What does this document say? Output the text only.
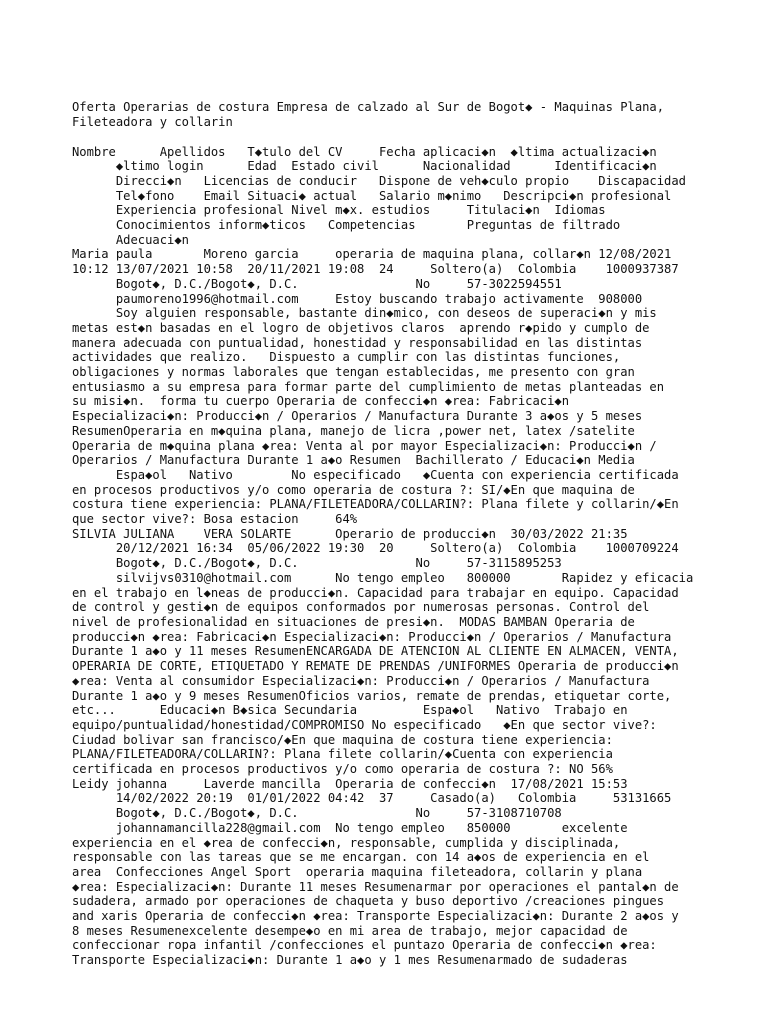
Oferta Operarias de costura Empresa de calzado al Sur de Bogot◆ - Maquinas Plana,
Fileteadora y collarin
Nombre      Apellidos   T◆tulo del CV     Fecha aplicaci◆n  ◆ltima actualizaci◆n
◆ltimo login      Edad  Estado civil      Nacionalidad      Identificaci◆n
Direcci◆n   Licencias de conducir   Dispone de veh◆culo propio    Discapacidad
Tel◆fono    Email Situaci◆ actual   Salario m◆nimo   Descripci◆n profesional
Experiencia profesional Nivel m◆x. estudios     Titulaci◆n  Idiomas
Conocimientos inform◆ticos   Competencias       Preguntas de filtrado
Adecuaci◆n
Maria paula       Moreno garcia     operaria de maquina plana, collar◆n 12/08/2021
10:12 13/07/2021 10:58  20/11/2021 19:08  24     Soltero(a)  Colombia    1000937387
Bogot◆, D.C./Bogot◆, D.C.                No     57-3022594551
paumoreno1996@hotmail.com     Estoy buscando trabajo activamente  908000
Soy alguien responsable, bastante din◆mico, con deseos de superaci◆n y mis
metas est◆n basadas en el logro de objetivos claros  aprendo r◆pido y cumplo de
manera adecuada con puntualidad, honestidad y responsabilidad en las distintas
actividades que realizo.   Dispuesto a cumplir con las distintas funciones,
obligaciones y normas laborales que tengan establecidas, me presento con gran
entusiasmo a su empresa para formar parte del cumplimiento de metas planteadas en
su misi◆n.  forma tu cuerpo Operaria de confecci◆n ◆rea: Fabricaci◆n
Especializaci◆n: Producci◆n / Operarios / Manufactura Durante 3 a◆os y 5 meses
ResumenOperaria en m◆quina plana, manejo de licra ,power net, latex /satelite
Operaria de m◆quina plana ◆rea: Venta al por mayor Especializaci◆n: Producci◆n /
Operarios / Manufactura Durante 1 a◆o Resumen  Bachillerato / Educaci◆n Media
Espa◆ol   Nativo        No especificado   ◆Cuenta con experiencia certificada
en procesos productivos y/o como operaria de costura ?: SI/◆En que maquina de
costura tiene experiencia: PLANA/FILETEADORA/COLLARIN?: Plana filete y collarin/◆En
que sector vive?: Bosa estacion     64%
SILVIA JULIANA    VERA SOLARTE      Operario de producci◆n  30/03/2022 21:35
20/12/2021 16:34  05/06/2022 19:30  20     Soltero(a)  Colombia    1000709224
Bogot◆, D.C./Bogot◆, D.C.                No     57-3115895253
silvijvs0310@hotmail.com      No tengo empleo   800000       Rapidez y eficacia
en el trabajo en l◆neas de producci◆n. Capacidad para trabajar en equipo. Capacidad
de control y gesti◆n de equipos conformados por numerosas personas. Control del
nivel de profesionalidad en situaciones de presi◆n.  MODAS BAMBAN Operaria de
producci◆n ◆rea: Fabricaci◆n Especializaci◆n: Producci◆n / Operarios / Manufactura
Durante 1 a◆o y 11 meses ResumenENCARGADA DE ATENCION AL CLIENTE EN ALMACEN, VENTA,
OPERARIA DE CORTE, ETIQUETADO Y REMATE DE PRENDAS /UNIFORMES Operaria de producci◆n
◆rea: Venta al consumidor Especializaci◆n: Producci◆n / Operarios / Manufactura
Durante 1 a◆o y 9 meses ResumenOficios varios, remate de prendas, etiquetar corte,
etc...      Educaci◆n B◆sica Secundaria         Espa◆ol   Nativo  Trabajo en
equipo/puntualidad/honestidad/COMPROMISO No especificado   ◆En que sector vive?:
Ciudad bolivar san francisco/◆En que maquina de costura tiene experiencia:
PLANA/FILETEADORA/COLLARIN?: Plana filete collarin/◆Cuenta con experiencia
certificada en procesos productivos y/o como operaria de costura ?: NO 56%
Leidy johanna     Laverde mancilla  Operaria de confecci◆n  17/08/2021 15:53
14/02/2022 20:19  01/01/2022 04:42  37     Casado(a)   Colombia     53131665
Bogot◆, D.C./Bogot◆, D.C.                No     57-3108710708
johannamancilla228@gmail.com  No tengo empleo   850000       excelente
experiencia en el ◆rea de confecci◆n, responsable, cumplida y disciplinada,
responsable con las tareas que se me encargan. con 14 a◆os de experiencia en el
area  Confecciones Angel Sport  operaria maquina fileteadora, collarin y plana
◆rea: Especializaci◆n: Durante 11 meses Resumenarmar por operaciones el pantal◆n de
sudadera, armado por operaciones de chaqueta y buso deportivo /creaciones pingues
and xaris Operaria de confecci◆n ◆rea: Transporte Especializaci◆n: Durante 2 a◆os y
8 meses Resumenexcelente desempe◆o en mi area de trabajo, mejor capacidad de
confeccionar ropa infantil /confecciones el puntazo Operaria de confecci◆n ◆rea:
Transporte Especializaci◆n: Durante 1 a◆o y 1 mes Resumenarmado de sudaderas
